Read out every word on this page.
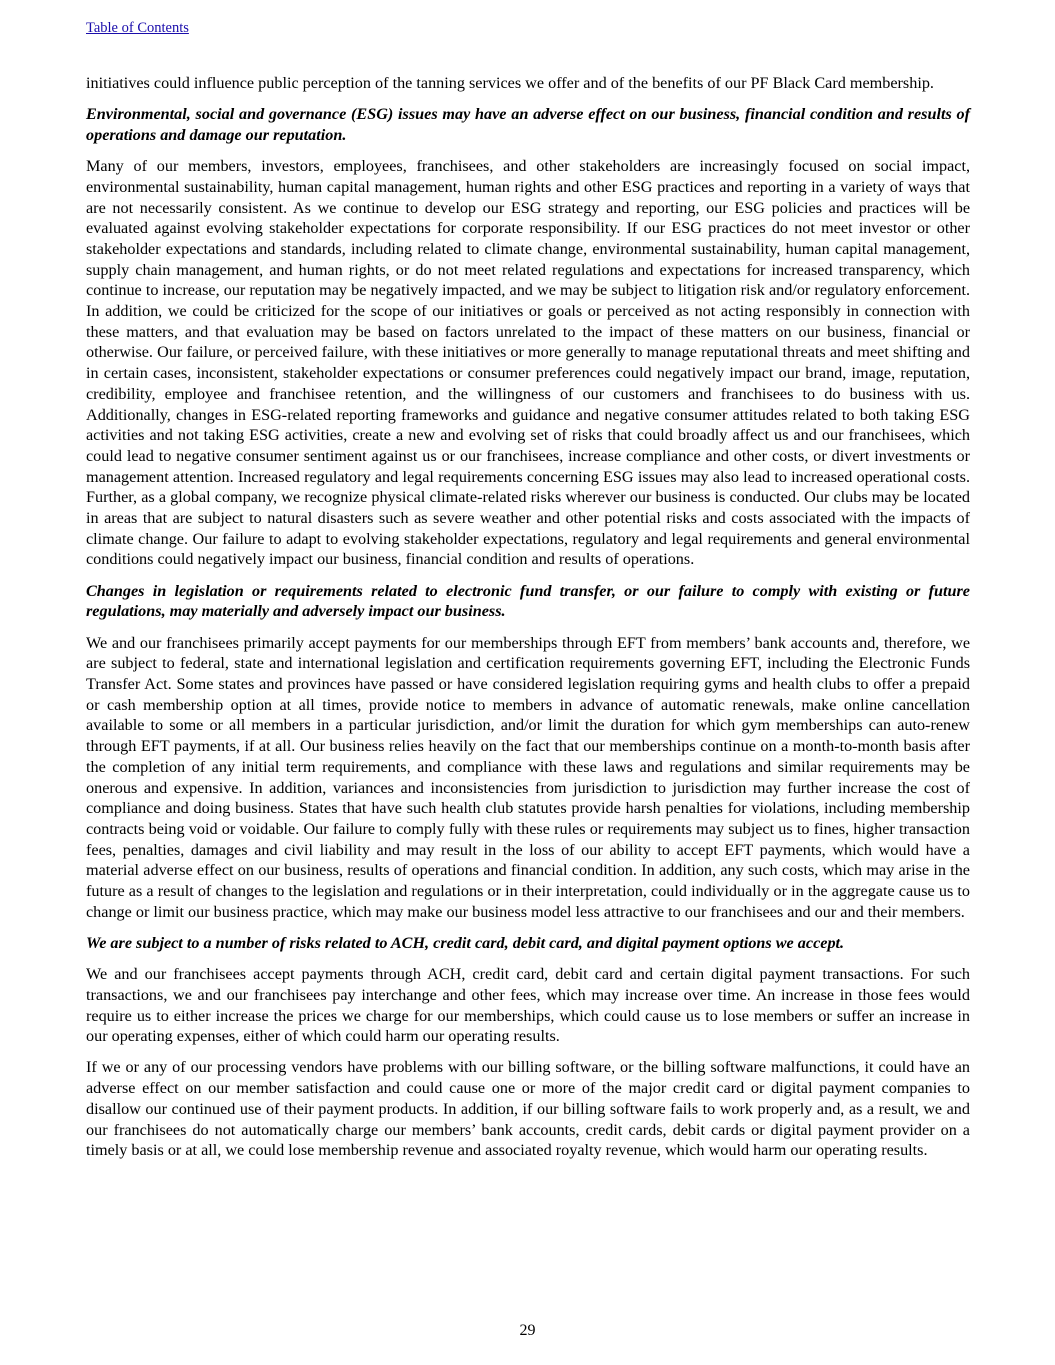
Table of Contents

initiatives could influence public perception of the tanning services we offer and of the benefits of our PF Black Card membership.

Environmental, social and governance (ESG) issues may have an adverse effect on our business, financial condition and results of operations and damage our reputation.

Many of our members, investors, employees, franchisees, and other stakeholders are increasingly focused on social impact, environmental sustainability, human capital management, human rights and other ESG practices and reporting in a variety of ways that are not necessarily consistent. As we continue to develop our ESG strategy and reporting, our ESG policies and practices will be evaluated against evolving stakeholder expectations for corporate responsibility. If our ESG practices do not meet investor or other stakeholder expectations and standards, including related to climate change, environmental sustainability, human capital management, supply chain management, and human rights, or do not meet related regulations and expectations for increased transparency, which continue to increase, our reputation may be negatively impacted, and we may be subject to litigation risk and/or regulatory enforcement. In addition, we could be criticized for the scope of our initiatives or goals or perceived as not acting responsibly in connection with these matters, and that evaluation may be based on factors unrelated to the impact of these matters on our business, financial or otherwise. Our failure, or perceived failure, with these initiatives or more generally to manage reputational threats and meet shifting and in certain cases, inconsistent, stakeholder expectations or consumer preferences could negatively impact our brand, image, reputation, credibility, employee and franchisee retention, and the willingness of our customers and franchisees to do business with us. Additionally, changes in ESG-related reporting frameworks and guidance and negative consumer attitudes related to both taking ESG activities and not taking ESG activities, create a new and evolving set of risks that could broadly affect us and our franchisees, which could lead to negative consumer sentiment against us or our franchisees, increase compliance and other costs, or divert investments or management attention. Increased regulatory and legal requirements concerning ESG issues may also lead to increased operational costs. Further, as a global company, we recognize physical climate-related risks wherever our business is conducted. Our clubs may be located in areas that are subject to natural disasters such as severe weather and other potential risks and costs associated with the impacts of climate change. Our failure to adapt to evolving stakeholder expectations, regulatory and legal requirements and general environmental conditions could negatively impact our business, financial condition and results of operations.

Changes in legislation or requirements related to electronic fund transfer, or our failure to comply with existing or future regulations, may materially and adversely impact our business.

We and our franchisees primarily accept payments for our memberships through EFT from members’ bank accounts and, therefore, we are subject to federal, state and international legislation and certification requirements governing EFT, including the Electronic Funds Transfer Act. Some states and provinces have passed or have considered legislation requiring gyms and health clubs to offer a prepaid or cash membership option at all times, provide notice to members in advance of automatic renewals, make online cancellation available to some or all members in a particular jurisdiction, and/or limit the duration for which gym memberships can auto-renew through EFT payments, if at all. Our business relies heavily on the fact that our memberships continue on a month-to-month basis after the completion of any initial term requirements, and compliance with these laws and regulations and similar requirements may be onerous and expensive. In addition, variances and inconsistencies from jurisdiction to jurisdiction may further increase the cost of compliance and doing business. States that have such health club statutes provide harsh penalties for violations, including membership contracts being void or voidable. Our failure to comply fully with these rules or requirements may subject us to fines, higher transaction fees, penalties, damages and civil liability and may result in the loss of our ability to accept EFT payments, which would have a material adverse effect on our business, results of operations and financial condition. In addition, any such costs, which may arise in the future as a result of changes to the legislation and regulations or in their interpretation, could individually or in the aggregate cause us to change or limit our business practice, which may make our business model less attractive to our franchisees and our and their members.

We are subject to a number of risks related to ACH, credit card, debit card, and digital payment options we accept.

We and our franchisees accept payments through ACH, credit card, debit card and certain digital payment transactions. For such transactions, we and our franchisees pay interchange and other fees, which may increase over time. An increase in those fees would require us to either increase the prices we charge for our memberships, which could cause us to lose members or suffer an increase in our operating expenses, either of which could harm our operating results.

If we or any of our processing vendors have problems with our billing software, or the billing software malfunctions, it could have an adverse effect on our member satisfaction and could cause one or more of the major credit card or digital payment companies to disallow our continued use of their payment products. In addition, if our billing software fails to work properly and, as a result, we and our franchisees do not automatically charge our members’ bank accounts, credit cards, debit cards or digital payment provider on a timely basis or at all, we could lose membership revenue and associated royalty revenue, which would harm our operating results.

29
